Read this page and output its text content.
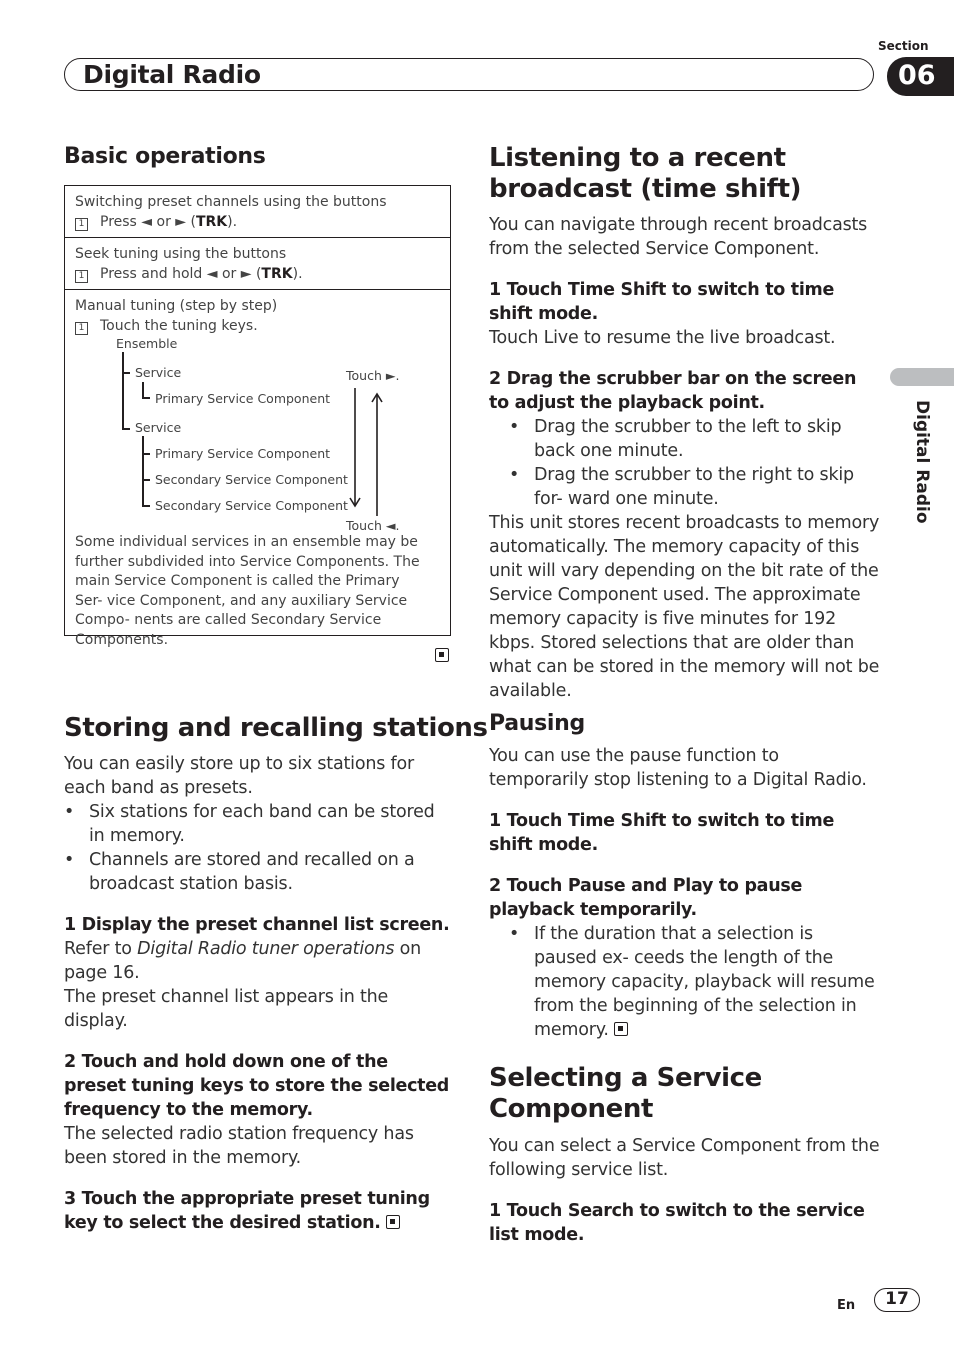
Section
Digital Radio	06
Digital Radio
Basic operations
Switching preset channels using the buttons
1 Press ◄ or ► (TRK).
Seek tuning using the buttons
1 Press and hold ◄ or ► (TRK).
Manual tuning (step by step)
1 Touch the tuning keys.
Ensemble
Service
Primary Service Component
Service
Primary Service Component
Secondary Service Component
Secondary Service Component
Touch ►.
Touch ◄.
Some individual services in an ensemble may be further subdivided into Service Components. The main Service Component is called the Primary Ser- vice Component, and any auxiliary Service Compo- nents are called Secondary Service Components.
Storing and recalling stations
You can easily store up to six stations for each band as presets.
• Six stations for each band can be stored in memory.
• Channels are stored and recalled on a broadcast station basis.
1 Display the preset channel list screen.
Refer to Digital Radio tuner operations on page 16.
The preset channel list appears in the display.
2 Touch and hold down one of the preset tuning keys to store the selected frequency to the memory.
The selected radio station frequency has been stored in the memory.
3 Touch the appropriate preset tuning key to select the desired station.
Listening to a recent broadcast (time shift)
You can navigate through recent broadcasts from the selected Service Component.
1 Touch Time Shift to switch to time shift mode.
Touch Live to resume the live broadcast.
2 Drag the scrubber bar on the screen to adjust the playback point.
• Drag the scrubber to the left to skip back one minute.
• Drag the scrubber to the right to skip for- ward one minute.
This unit stores recent broadcasts to memory automatically. The memory capacity of this unit will vary depending on the bit rate of the Service Component used. The approximate memory capacity is five minutes for 192 kbps. Stored selections that are older than what can be stored in the memory will not be available.
Pausing
You can use the pause function to temporarily stop listening to a Digital Radio.
1 Touch Time Shift to switch to time shift mode.
2 Touch Pause and Play to pause playback temporarily.
• If the duration that a selection is paused ex- ceeds the length of the memory capacity, playback will resume from the beginning of the selection in memory.
Selecting a Service Component
You can select a Service Component from the following service list.
1 Touch Search to switch to the service list mode.
En	17
